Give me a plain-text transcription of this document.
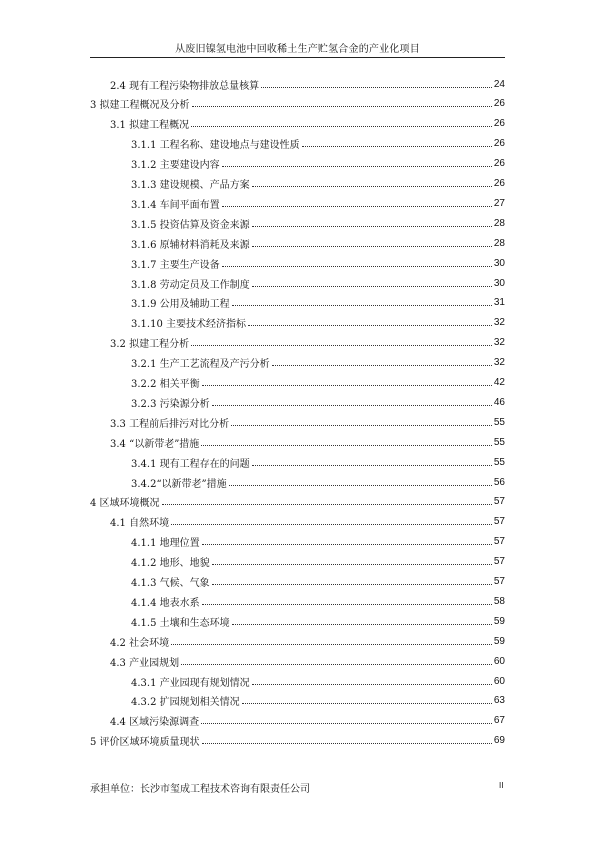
从废旧镍氢电池中回收稀土生产贮氢合金的产业化项目
2.4 现有工程污染物排放总量核算	24
3 拟建工程概况及分析	26
3.1 拟建工程概况	26
3.1.1 工程名称、建设地点与建设性质	26
3.1.2 主要建设内容	26
3.1.3 建设规模、产品方案	26
3.1.4 车间平面布置	27
3.1.5 投资估算及资金来源	28
3.1.6 原辅材料消耗及来源	28
3.1.7 主要生产设备	30
3.1.8 劳动定员及工作制度	30
3.1.9 公用及辅助工程	31
3.1.10 主要技术经济指标	32
3.2 拟建工程分析	32
3.2.1 生产工艺流程及产污分析	32
3.2.2 相关平衡	42
3.2.3 污染源分析	46
3.3 工程前后排污对比分析	55
3.4 “以新带老”措施	55
3.4.1 现有工程存在的问题	55
3.4.2“以新带老”措施	56
4 区域环境概况	57
4.1 自然环境	57
4.1.1 地理位置	57
4.1.2 地形、地貌	57
4.1.3 气候、气象	57
4.1.4 地表水系	58
4.1.5 土壤和生态环境	59
4.2 社会环境	59
4.3 产业园规划	60
4.3.1 产业园现有规划情况	60
4.3.2 扩园规划相关情况	63
4.4 区域污染源调查	67
5 评价区域环境质量现状	69
承担单位：长沙市玺成工程技术咨询有限责任公司	II
